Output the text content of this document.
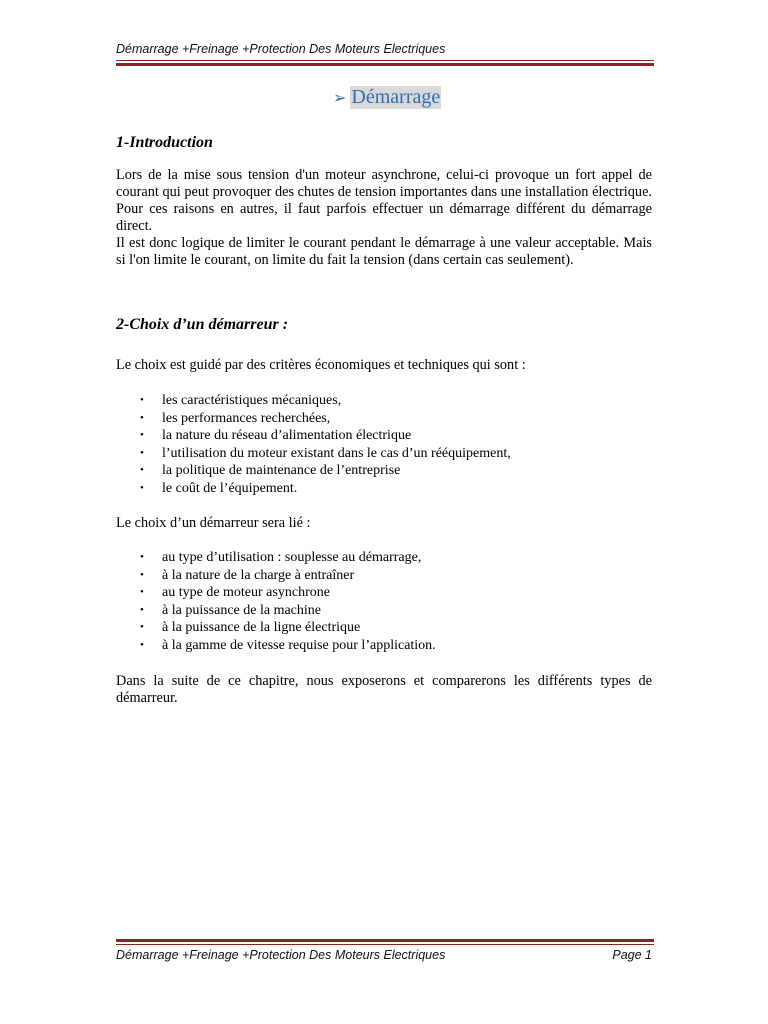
Démarrage +Freinage +Protection Des Moteurs Electriques
➢ Démarrage
1-Introduction

Lors de la mise sous tension d'un moteur asynchrone, celui-ci provoque un fort appel de courant qui peut provoquer des chutes de tension importantes dans une installation électrique. Pour ces raisons en autres, il faut parfois effectuer un démarrage différent du démarrage direct.

Il est donc logique de limiter le courant pendant le démarrage à une valeur acceptable. Mais si l'on limite le courant, on limite du fait la tension (dans certain cas seulement).

2-Choix d’un démarreur :
Le choix est guidé par des critères économiques et techniques qui sont :
• les caractéristiques mécaniques,
• les performances recherchées,
• la nature du réseau d’alimentation électrique
• l’utilisation du moteur existant dans le cas d’un rééquipement,
• la politique de maintenance de l’entreprise
• le coût de l’équipement.
Le choix d’un démarreur sera lié :
• au type d’utilisation : souplesse au démarrage,
• à la nature de la charge à entraîner
• au type de moteur asynchrone
• à la puissance de la machine
• à la puissance de la ligne électrique
• à la gamme de vitesse requise pour l’application.
Dans la suite de ce chapitre, nous exposerons et comparerons les différents types de démarreur.
Démarrage +Freinage +Protection Des Moteurs Electriques	Page 1
